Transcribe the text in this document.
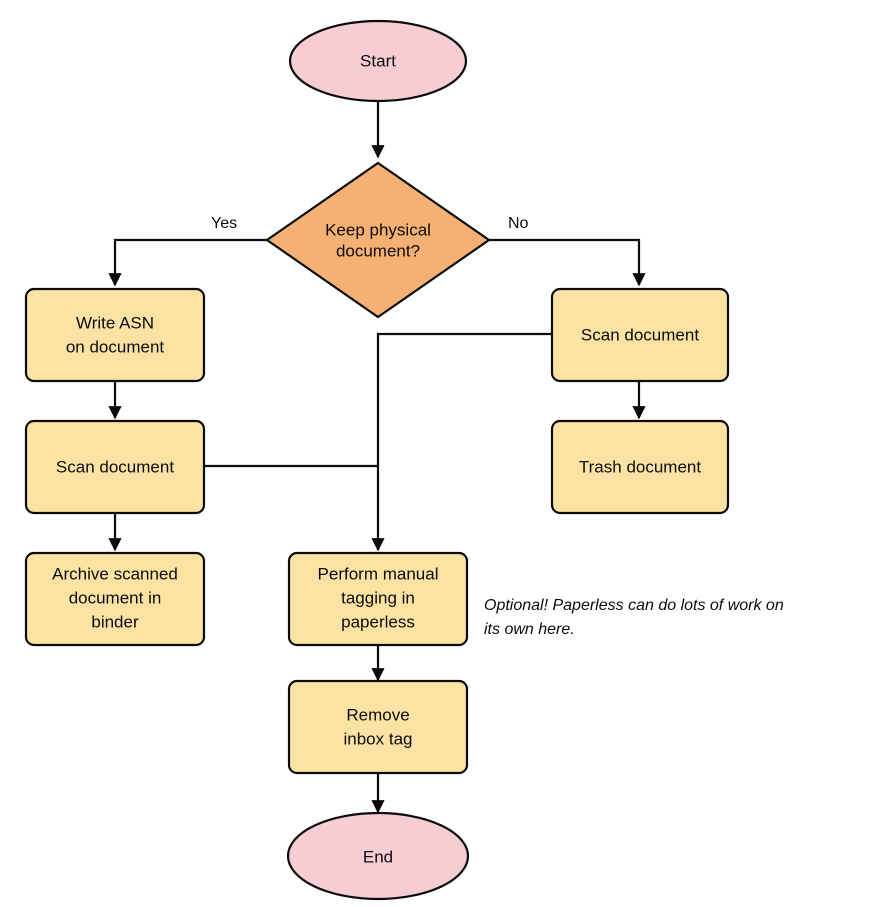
Start
Keep physical
document?
Yes	No
Write ASN
on document
Scan document
Archive scanned
document in
binder
Scan document
Trash document
Perform manual
tagging in
paperless
Remove
inbox tag
End
Optional! Paperless can do lots of work on
its own here.
